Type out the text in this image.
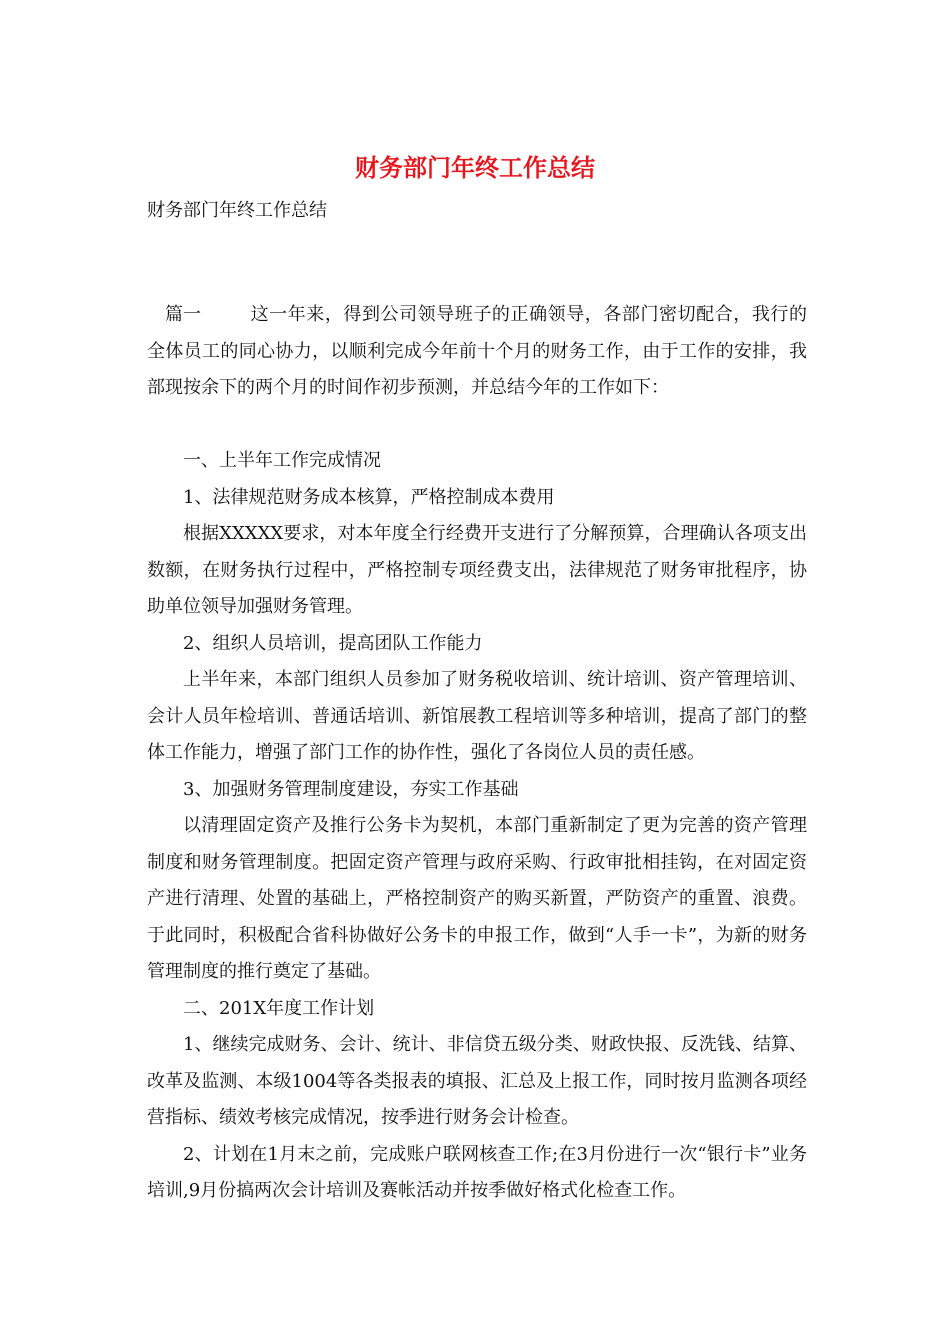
财务部门年终工作总结

财务部门年终工作总结

篇一	这一年来，得到公司领导班子的正确领导，各部门密切配合，我行的全体员工的同心协力，以顺利完成今年前十个月的财务工作，由于工作的安排，我部现按余下的两个月的时间作初步预测，并总结今年的工作如下：

一、上半年工作完成情况

1、法律规范财务成本核算，严格控制成本费用

根据XXXXX要求，对本年度全行经费开支进行了分解预算，合理确认各项支出数额，在财务执行过程中，严格控制专项经费支出，法律规范了财务审批程序，协助单位领导加强财务管理。

2、组织人员培训，提高团队工作能力

上半年来，本部门组织人员参加了财务税收培训、统计培训、资产管理培训、会计人员年检培训、普通话培训、新馆展教工程培训等多种培训，提高了部门的整体工作能力，增强了部门工作的协作性，强化了各岗位人员的责任感。

3、加强财务管理制度建设，夯实工作基础

以清理固定资产及推行公务卡为契机，本部门重新制定了更为完善的资产管理制度和财务管理制度。把固定资产管理与政府采购、行政审批相挂钩，在对固定资产进行清理、处置的基础上，严格控制资产的购买新置，严防资产的重置、浪费。于此同时，积极配合省科协做好公务卡的申报工作，做到“人手一卡”，为新的财务管理制度的推行奠定了基础。

二、201X年度工作计划

1、继续完成财务、会计、统计、非信贷五级分类、财政快报、反洗钱、结算、改革及监测、本级1004等各类报表的填报、汇总及上报工作，同时按月监测各项经营指标、绩效考核完成情况，按季进行财务会计检查。

2、计划在1月末之前，完成账户联网核查工作;在3月份进行一次“银行卡”业务培训,9月份搞两次会计培训及赛帐活动并按季做好格式化检查工作。
